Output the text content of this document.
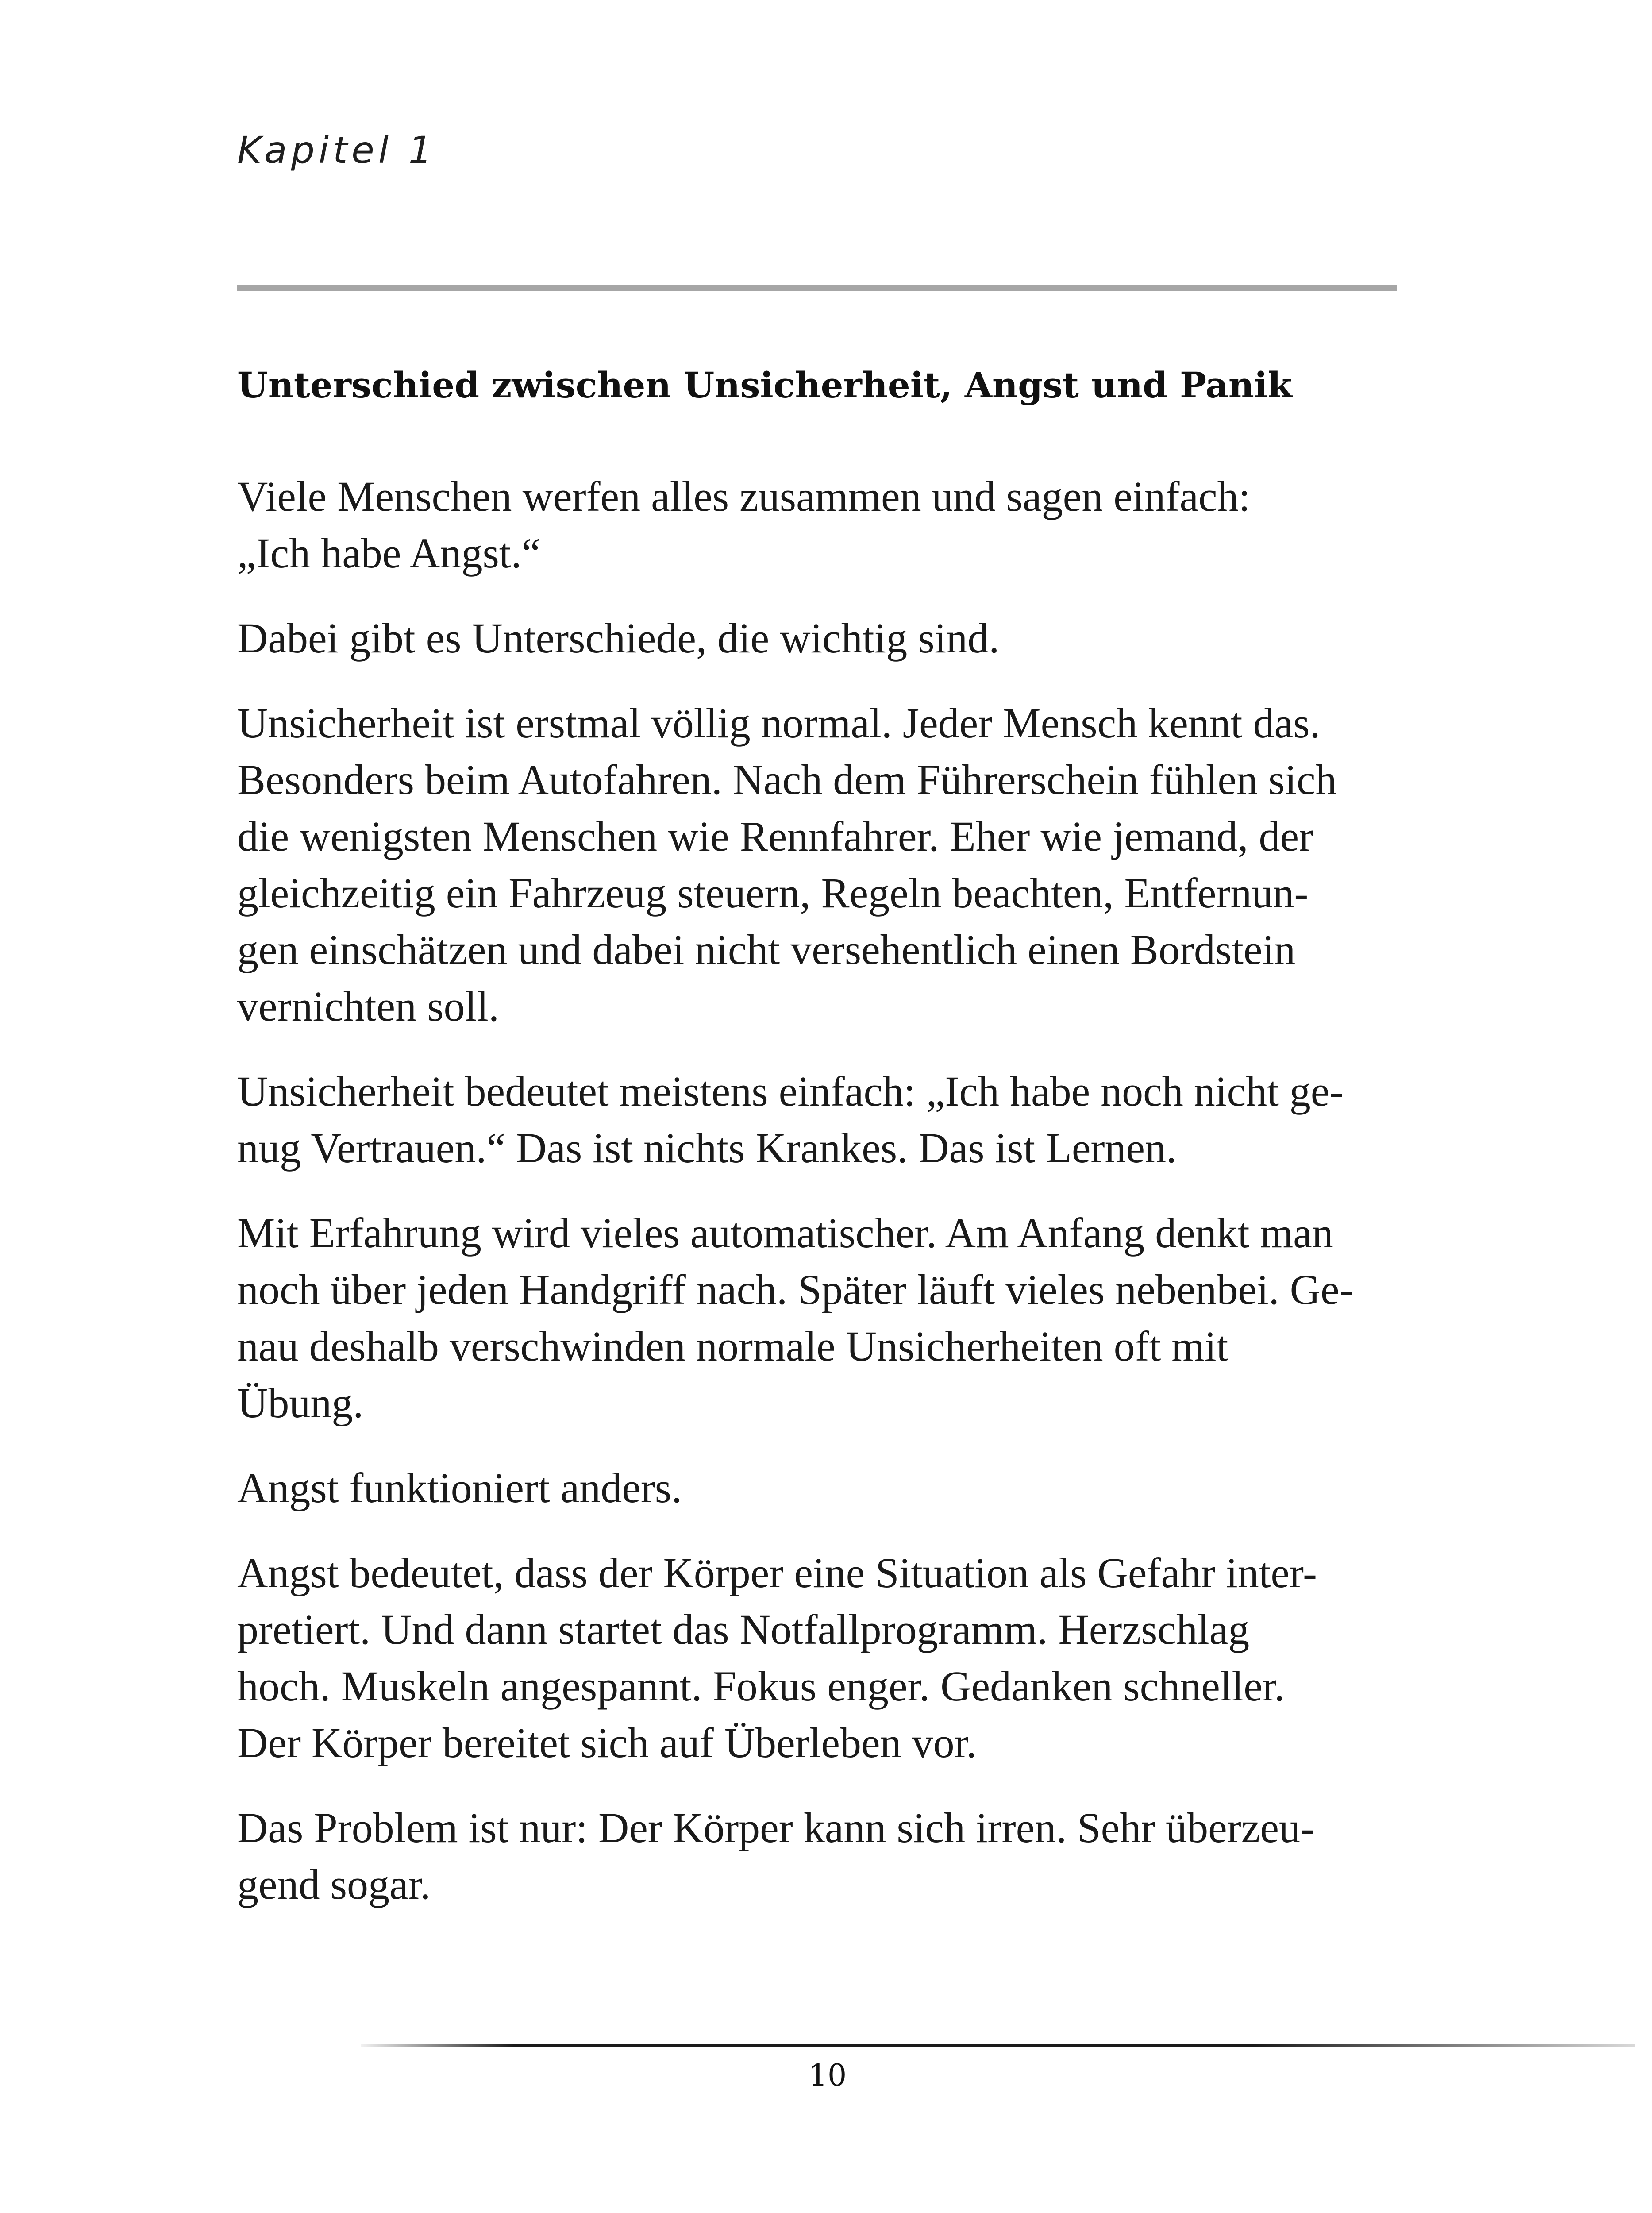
Kapitel 1
Unterschied zwischen Unsicherheit, Angst und Panik

Viele Menschen werfen alles zusammen und sagen einfach:
„Ich habe Angst.“

Dabei gibt es Unterschiede, die wichtig sind.

Unsicherheit ist erstmal völlig normal. Jeder Mensch kennt das.
Besonders beim Autofahren. Nach dem Führerschein fühlen sich
die wenigsten Menschen wie Rennfahrer. Eher wie jemand, der
gleichzeitig ein Fahrzeug steuern, Regeln beachten, Entfernun-
gen einschätzen und dabei nicht versehentlich einen Bordstein
vernichten soll.

Unsicherheit bedeutet meistens einfach: „Ich habe noch nicht ge-
nug Vertrauen.“ Das ist nichts Krankes. Das ist Lernen.

Mit Erfahrung wird vieles automatischer. Am Anfang denkt man
noch über jeden Handgriff nach. Später läuft vieles nebenbei. Ge-
nau deshalb verschwinden normale Unsicherheiten oft mit
Übung.

Angst funktioniert anders.

Angst bedeutet, dass der Körper eine Situation als Gefahr inter-
pretiert. Und dann startet das Notfallprogramm. Herzschlag
hoch. Muskeln angespannt. Fokus enger. Gedanken schneller.
Der Körper bereitet sich auf Überleben vor.

Das Problem ist nur: Der Körper kann sich irren. Sehr überzeu-
gend sogar.

10
